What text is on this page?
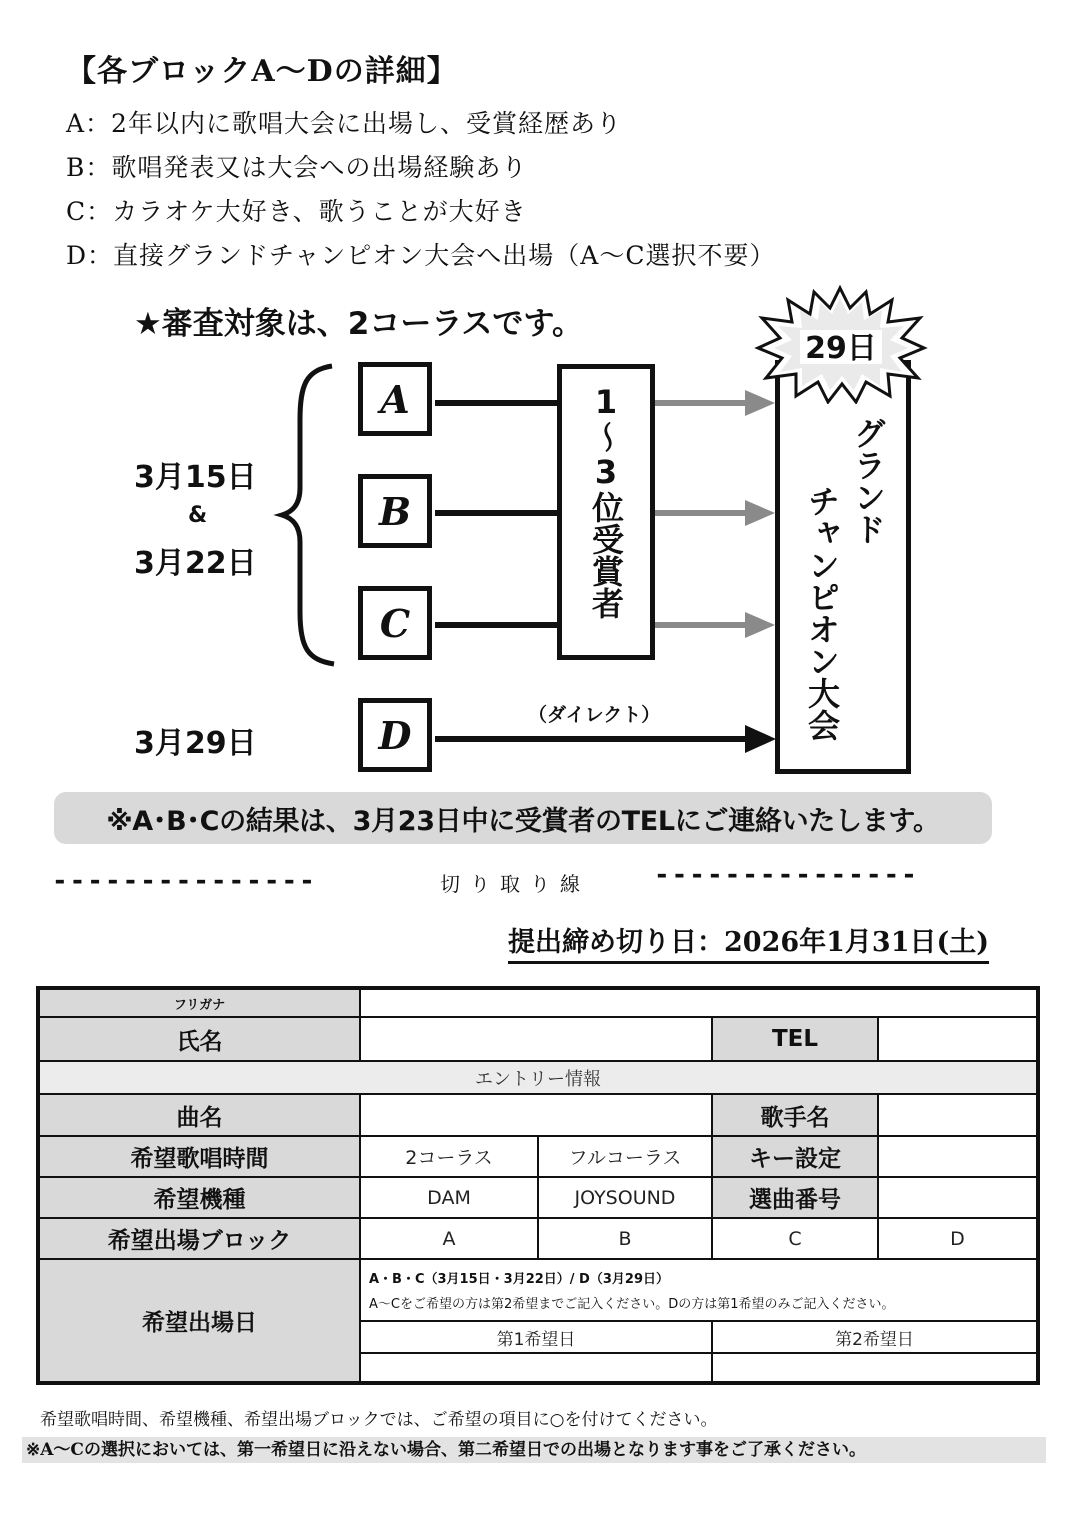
【各ブロックA～Dの詳細】
A：2年以内に歌唱大会に出場し、受賞経歴あり
B：歌唱発表又は大会への出場経験あり
C：カラオケ大好き、歌うことが大好き
D：直接グランドチャンピオン大会へ出場（A～C選択不要）
★審査対象は、2コーラスです。
3月15日
&
3月22日
3月29日
A
B
C
D
1～3位受賞者	グランド
チャンピオン大会
29日
（ダイレクト）
※A･B･Cの結果は、3月23日中に受賞者のTELにご連絡いたします。
---------------	切り取り線 ---------------
提出締め切り日：2026年1月31日(土)
フリガナ				
氏名			TEL	
エントリー情報				
曲名			歌手名	
希望歌唱時間	2コーラス	フルコーラス	キー設定	
希望機種	DAM	JOYSOUND	選曲番号	
希望出場ブロック	A	B	C	D
希望出場日	A・B・C（3月15日・3月22日）/ D（3月29日）
A～Cをご希望の方は第2希望までご記入ください。Dの方は第1希望のみご記入ください。			

	第1希望日		第2希望日	

希望歌唱時間、希望機種、希望出場ブロックでは、ご希望の項目に○を付けてください。
※A～Cの選択においては、第一希望日に沿えない場合、第二希望日での出場となります事をご了承ください。
